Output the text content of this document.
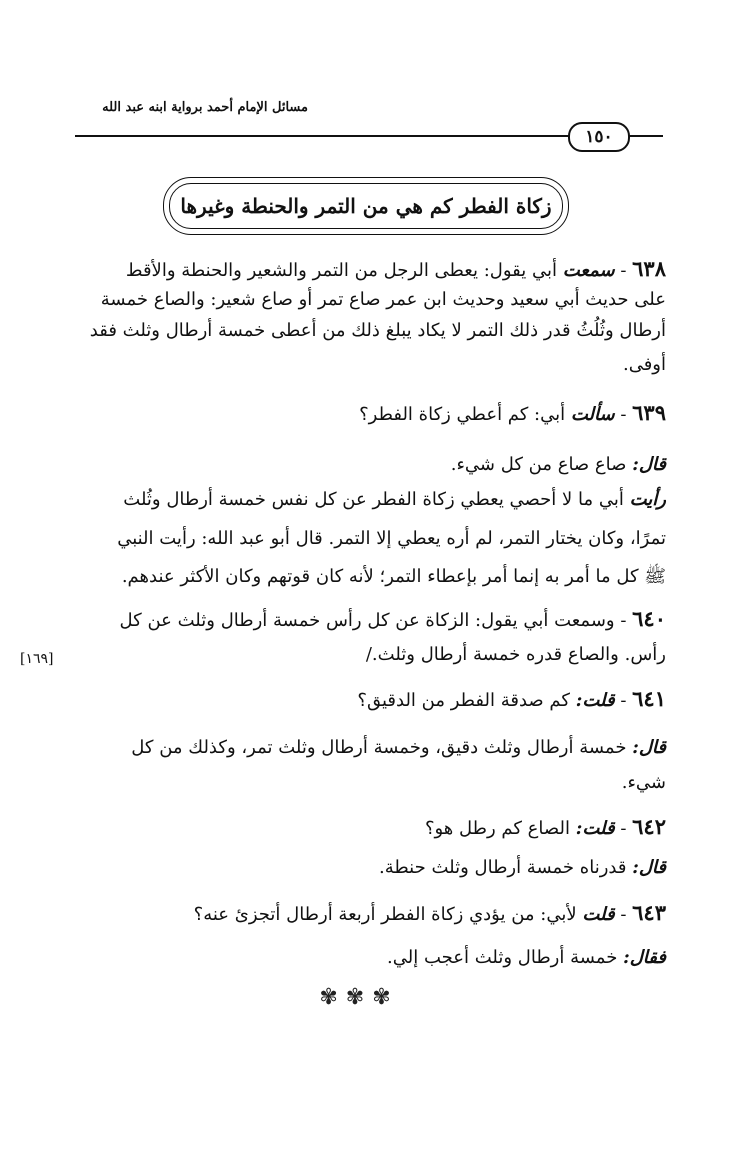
مسائل الإمام أحمد برواية ابنه عبد الله
١٥٠
زكاة الفطر كم هي من التمر والحنطة وغيرها
٦٣٨ - سمعت أبي يقول: يعطى الرجل من التمر والشعير والحنطة والأقط
على حديث أبي سعيد وحديث ابن عمر صاع تمر أو صاع شعير: والصاع خمسة
أرطال وثُلُثُ قدر ذلك التمر لا يكاد يبلغ ذلك من أعطى خمسة أرطال وثلث فقد
أوفى.
٦٣٩ - سألت أبي: كم أعطي زكاة الفطر؟
قال: صاع صاع من كل شيء.
رأيت أبي ما لا أحصي يعطي زكاة الفطر عن كل نفس خمسة أرطال وثُلث
تمرًا، وكان يختار التمر، لم أره يعطي إلا التمر. قال أبو عبد الله: رأيت النبي
ﷺ كل ما أمر به إنما أمر بإعطاء التمر؛ لأنه كان قوتهم وكان الأكثر عندهم.
٦٤٠ - وسمعت أبي يقول: الزكاة عن كل رأس خمسة أرطال وثلث عن كل
رأس. والصاع قدره خمسة أرطال وثلث./
[١٦٩]
٦٤١ - قلت: كم صدقة الفطر من الدقيق؟
قال: خمسة أرطال وثلث دقيق، وخمسة أرطال وثلث تمر، وكذلك من كل
شيء.
٦٤٢ - قلت: الصاع كم رطل هو؟
قال: قدرناه خمسة أرطال وثلث حنطة.
٦٤٣ - قلت لأبي: من يؤدي زكاة الفطر أربعة أرطال أتجزئ عنه؟
فقال: خمسة أرطال وثلث أعجب إلي.
✾✾✾
